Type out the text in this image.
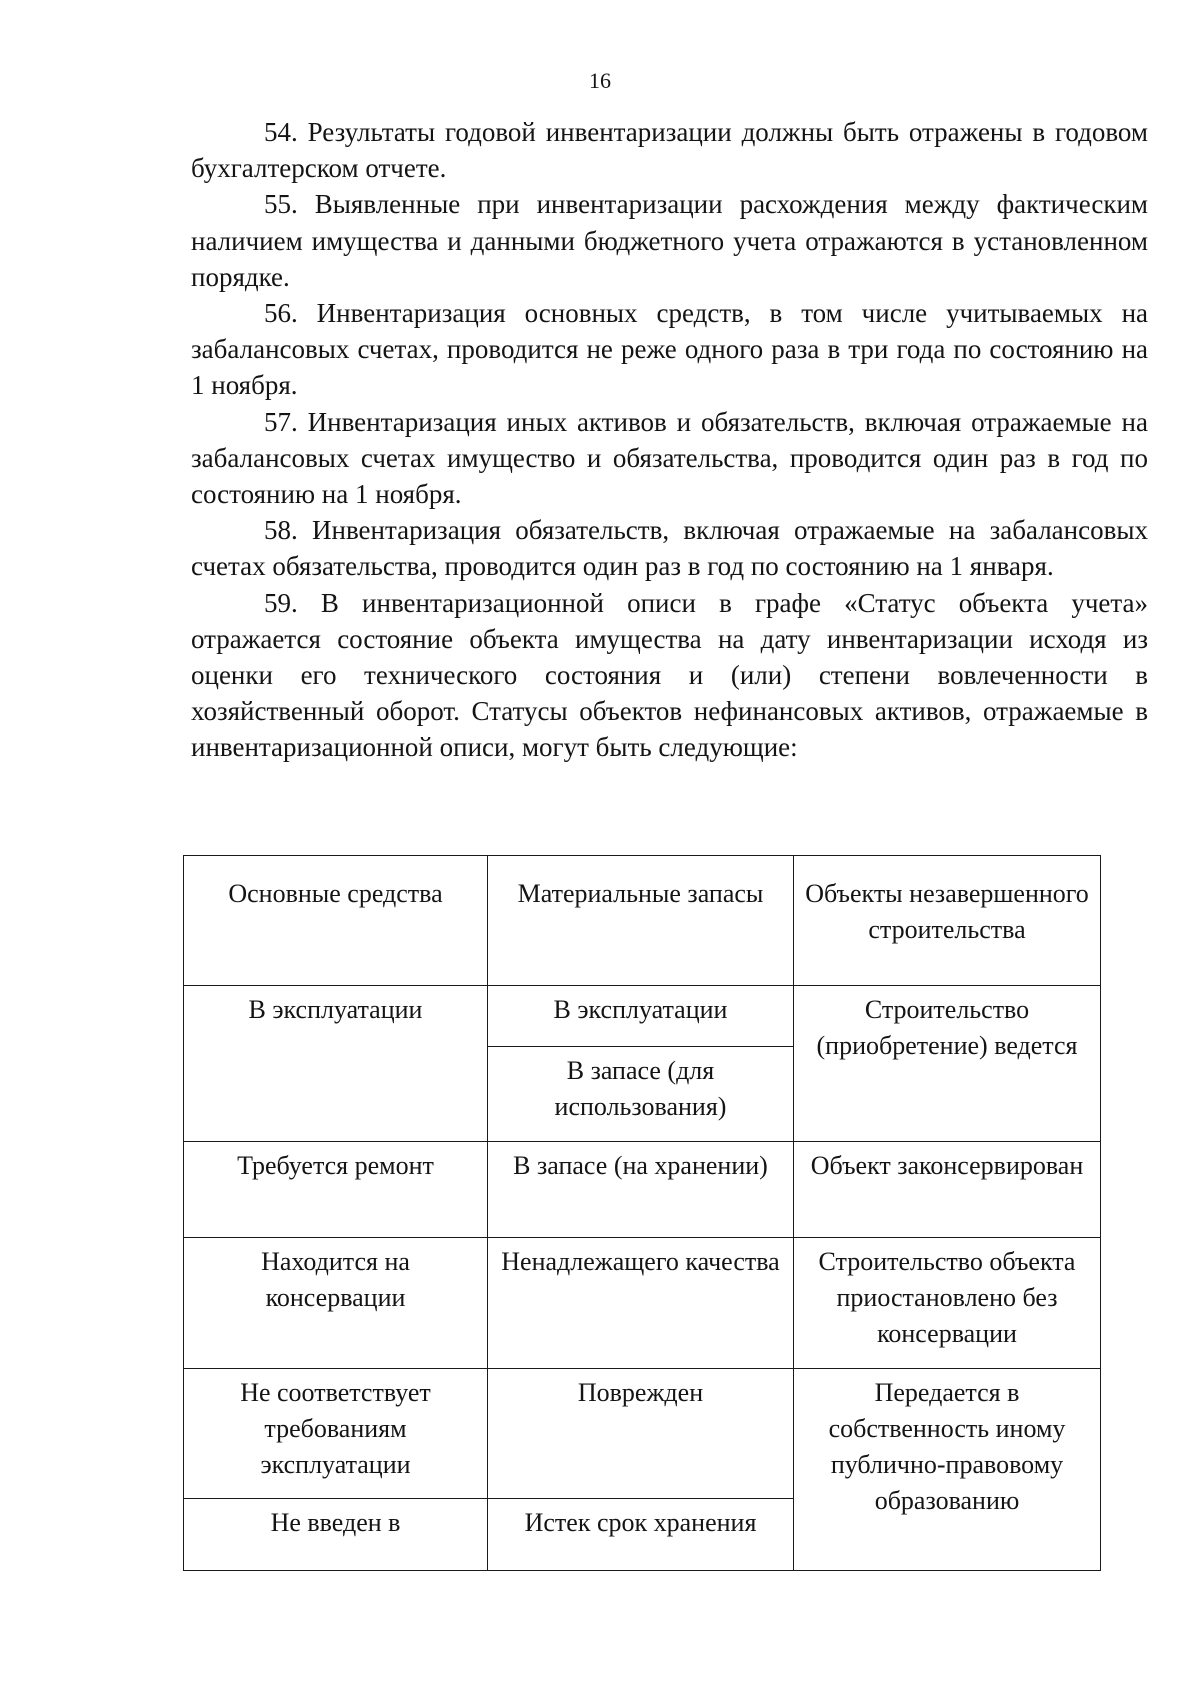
16

54. Результаты годовой инвентаризации должны быть отражены в годовом бухгалтерском отчете.

55. Выявленные при инвентаризации расхождения между фактическим наличием имущества и данными бюджетного учета отражаются в установленном порядке.

56. Инвентаризация основных средств, в том числе учитываемых на забалансовых счетах, проводится не реже одного раза в три года по состоянию на 1 ноября.

57. Инвентаризация иных активов и обязательств, включая отражаемые на забалансовых счетах имущество и обязательства, проводится один раз в год по состоянию на 1 ноября.

58. Инвентаризация обязательств, включая отражаемые на забалансовых счетах обязательства, проводится один раз в год по состоянию на 1 января.

59. В инвентаризационной описи в графе «Статус объекта учета» отражается состояние объекта имущества на дату инвентаризации исходя из оценки его технического состояния и (или) степени вовлеченности в хозяйственный оборот. Статусы объектов нефинансовых активов, отражаемые в инвентаризационной описи, могут быть следующие:

Основные средства	Материальные запасы	Объекты незавершенного строительства
В эксплуатации	В эксплуатации	Строительство (приобретение) ведется
	В запасе (для использования)	
Требуется ремонт	В запасе (на хранении)	Объект законсервирован
Находится на консервации	Ненадлежащего качества	Строительство объекта приостановлено без консервации
Не соответствует требованиям эксплуатации	Поврежден	Передается в собственность иному публично-правовому образованию
Не введен в	Истек срок хранения	
